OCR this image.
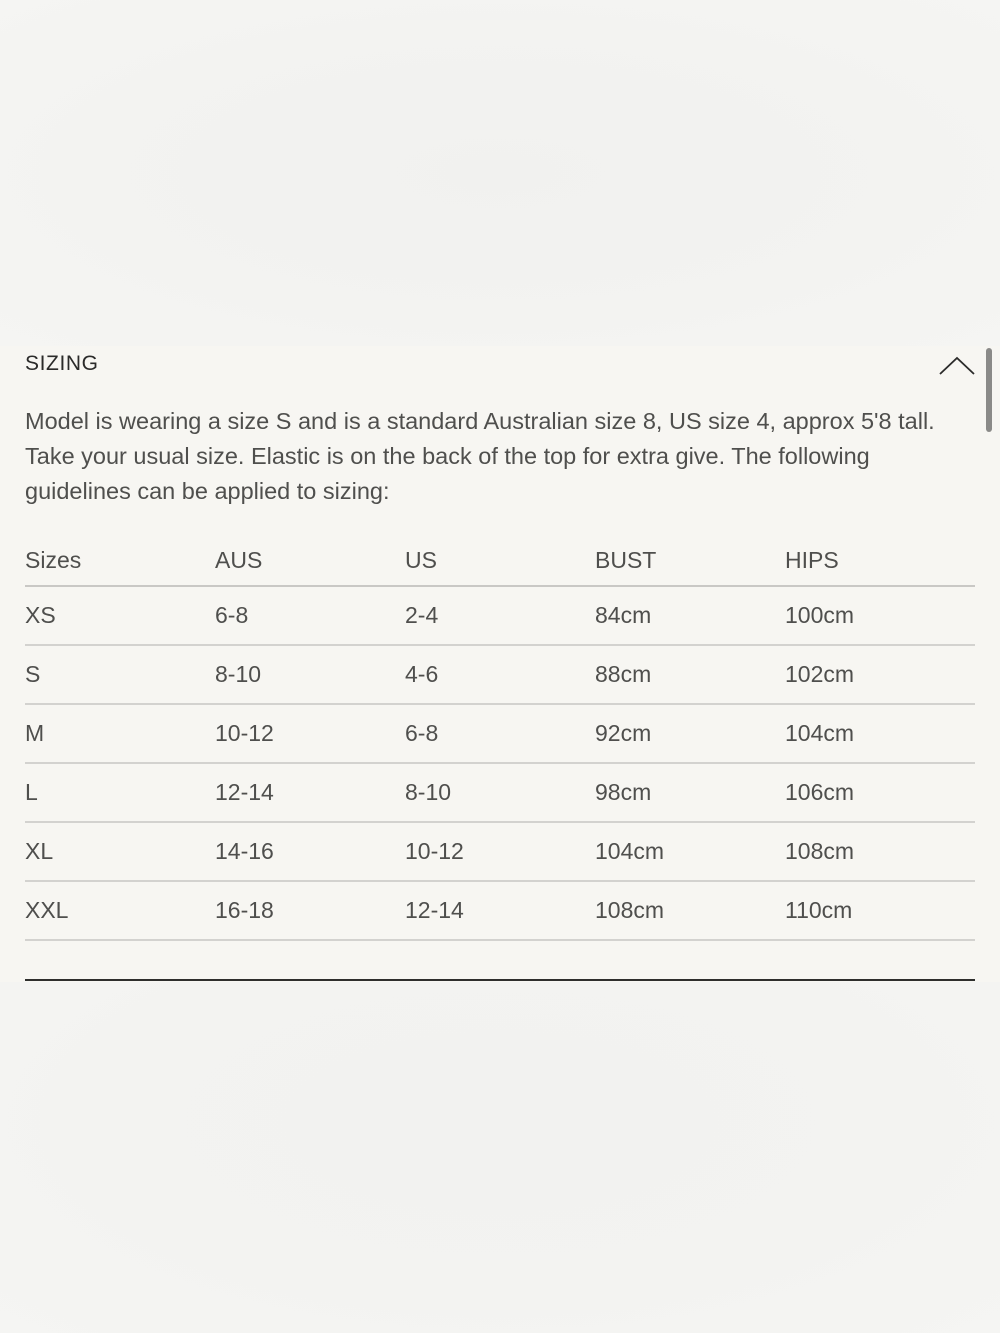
SIZING

Model is wearing a size S and is a standard Australian size 8, US size 4, approx 5'8 tall. Take your usual size. Elastic is on the back of the top for extra give. The following guidelines can be applied to sizing:

Sizes	AUS	US	BUST	HIPS
XS	6-8	2-4	84cm	100cm
S	8-10	4-6	88cm	102cm
M	10-12	6-8	92cm	104cm
L	12-14	8-10	98cm	106cm
XL	14-16	10-12	104cm	108cm
XXL	16-18	12-14	108cm	110cm
